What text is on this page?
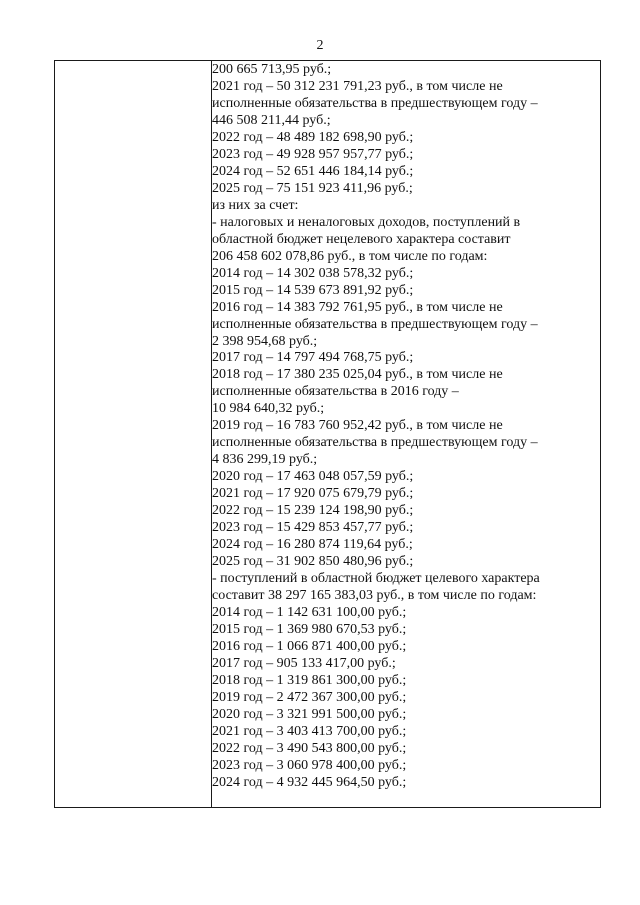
2
200 665 713,95 руб.;
2021 год – 50 312 231 791,23 руб., в том числе не
исполненные обязательства в предшествующем году –
446 508 211,44 руб.;
2022 год – 48 489 182 698,90 руб.;
2023 год – 49 928 957 957,77 руб.;
2024 год – 52 651 446 184,14 руб.;
2025 год – 75 151 923 411,96 руб.;
из них за счет:
- налоговых и неналоговых доходов, поступлений в
областной бюджет нецелевого характера составит
206 458 602 078,86 руб., в том числе по годам:
2014 год – 14 302 038 578,32 руб.;
2015 год – 14 539 673 891,92 руб.;
2016 год – 14 383 792 761,95 руб., в том числе не
исполненные обязательства в предшествующем году –
2 398 954,68 руб.;
2017 год – 14 797 494 768,75 руб.;
2018 год – 17 380 235 025,04 руб., в том числе не
исполненные обязательства в 2016 году –
10 984 640,32 руб.;
2019 год – 16 783 760 952,42 руб., в том числе не
исполненные обязательства в предшествующем году –
4 836 299,19 руб.;
2020 год – 17 463 048 057,59 руб.;
2021 год – 17 920 075 679,79 руб.;
2022 год – 15 239 124 198,90 руб.;
2023 год – 15 429 853 457,77 руб.;
2024 год – 16 280 874 119,64 руб.;
2025 год – 31 902 850 480,96 руб.;
- поступлений в областной бюджет целевого характера
составит 38 297 165 383,03 руб., в том числе по годам:
2014 год – 1 142 631 100,00 руб.;
2015 год – 1 369 980 670,53 руб.;
2016 год – 1 066 871 400,00 руб.;
2017 год – 905 133 417,00 руб.;
2018 год – 1 319 861 300,00 руб.;
2019 год – 2 472 367 300,00 руб.;
2020 год – 3 321 991 500,00 руб.;
2021 год – 3 403 413 700,00 руб.;
2022 год – 3 490 543 800,00 руб.;
2023 год – 3 060 978 400,00 руб.;
2024 год – 4 932 445 964,50 руб.;
